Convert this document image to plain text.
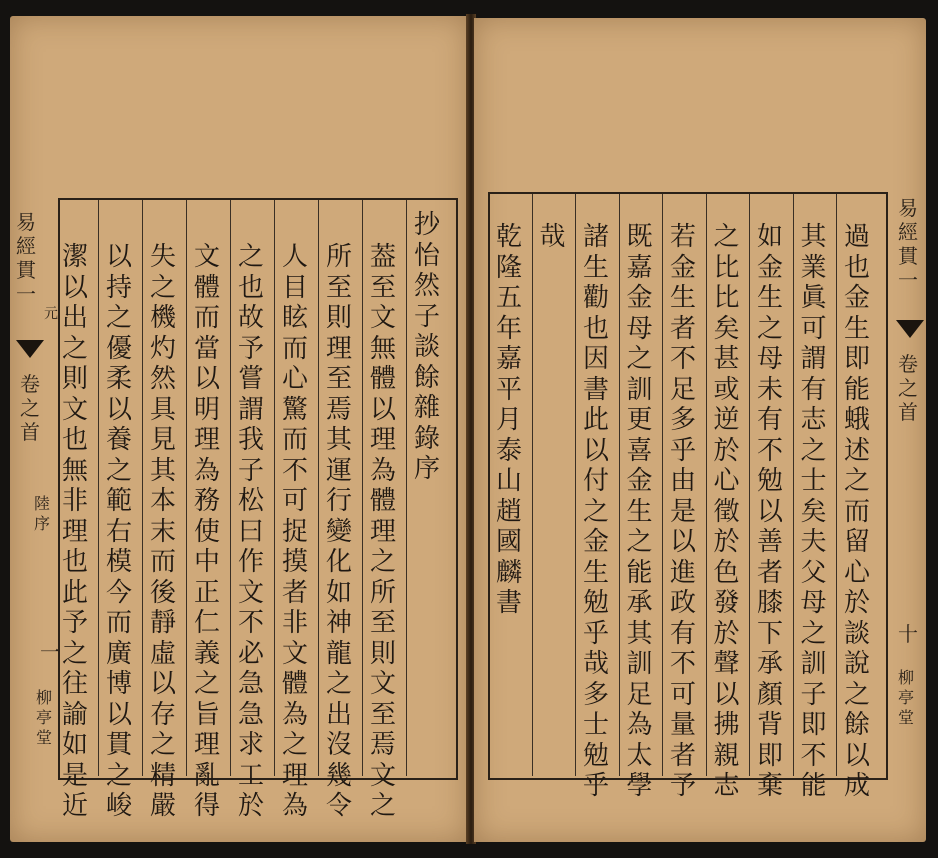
抄
怡
然
子
談
餘
雜
錄
序
葢
至
文
無
體
以
理
為
體
理
之
所
至
則
文
至
焉
文
之
所
至
則
理
至
焉
其
運
行
變
化
如
神
龍
之
出
沒
幾
令
人
目
眩
而
心
驚
而
不
可
捉
摸
者
非
文
體
為
之
理
為
之
也
故
予
嘗
謂
我
子
松
曰
作
文
不
必
急
急
求
工
於
文
體
而
當
以
明
理
為
務
使
中
正
仁
義
之
旨
理
亂
得
失
之
機
灼
然
具
見
其
本
末
而
後
靜
虛
以
存
之
精
嚴
以
持
之
優
柔
以
養
之
範
右
模
今
而
廣
博
以
貫
之
峻
潔
以
出
之
則
文
也
無
非
理
也
此
予
之
往
諭
如
是
近
易
經
貫
一
元
卷
之
首
陸
序
一
柳
亭
堂
過
也
金
生
即
能
蛾
述
之
而
留
心
於
談
說
之
餘
以
成
其
業
眞
可
謂
有
志
之
士
矣
夫
父
母
之
訓
子
即
不
能
如
金
生
之
母
未
有
不
勉
以
善
者
膝
下
承
顏
背
即
棄
之
比
比
矣
甚
或
逆
於
心
徵
於
色
發
於
聲
以
拂
親
志
若
金
生
者
不
足
多
乎
由
是
以
進
政
有
不
可
量
者
予
既
嘉
金
母
之
訓
更
喜
金
生
之
能
承
其
訓
足
為
太
學
諸
生
勸
也
因
書
此
以
付
之
金
生
勉
乎
哉
多
士
勉
乎
哉
乾
隆
五
年
嘉
平
月
泰
山
趙
國
麟
書
易
經
貫
一
卷
之
首
十
柳
亭
堂
